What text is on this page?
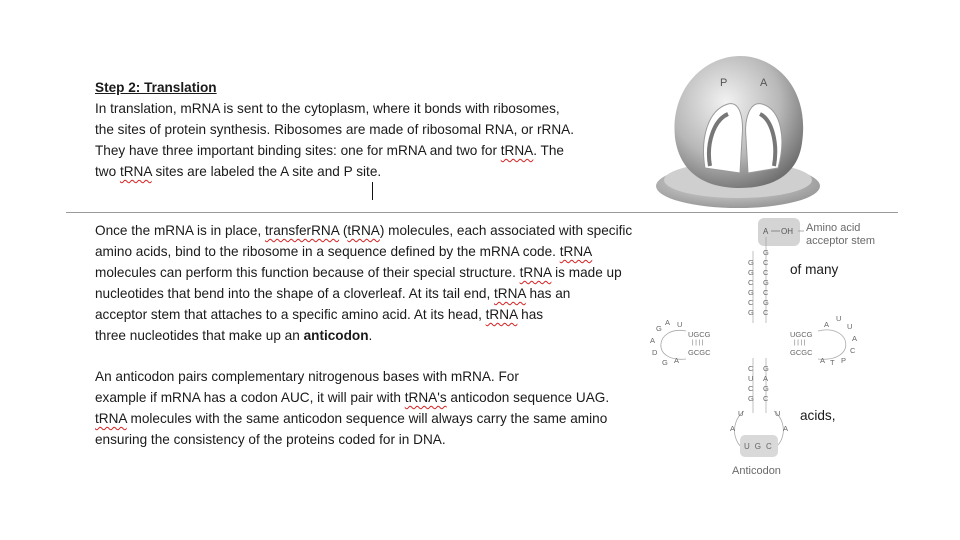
Step 2: Translation
In translation, mRNA is sent to the cytoplasm, where it bonds with ribosomes,
the sites of protein synthesis. Ribosomes are made of ribosomal RNA, or rRNA.
They have three important binding sites: one for mRNA and two for tRNA. The
two tRNA sites are labeled the A site and P site.
P	A
Once the mRNA is in place, transferRNA (tRNA) molecules, each associated with specific
amino acids, bind to the ribosome in a sequence defined by the mRNA code. tRNA
molecules can perform this function because of their special structure. tRNA is made up
nucleotides that bend into the shape of a cloverleaf. At its tail end, tRNA has an
acceptor stem that attaches to a specific amino acid. At its head, tRNA has
three nucleotides that make up an anticodon.
of many
An anticodon pairs complementary nitrogenous bases with mRNA. For
example if mRNA has a codon AUC, it will pair with tRNA's anticodon sequence UAG.
tRNA molecules with the same anticodon sequence will always carry the same amino
ensuring the consistency of the proteins coded for in DNA.
acids,
A OH Amino acid
acceptor stem
G C
G C
C G
G C
C G
G C
G
UGCG
| | | |
GCGC
G
A U
A
D
G A
UGCG
| | | |
GCGC
A
U
U
A
C
P
T
A
C G
U A
C G
G C
U	U
A	A
UGC
Anticodon
